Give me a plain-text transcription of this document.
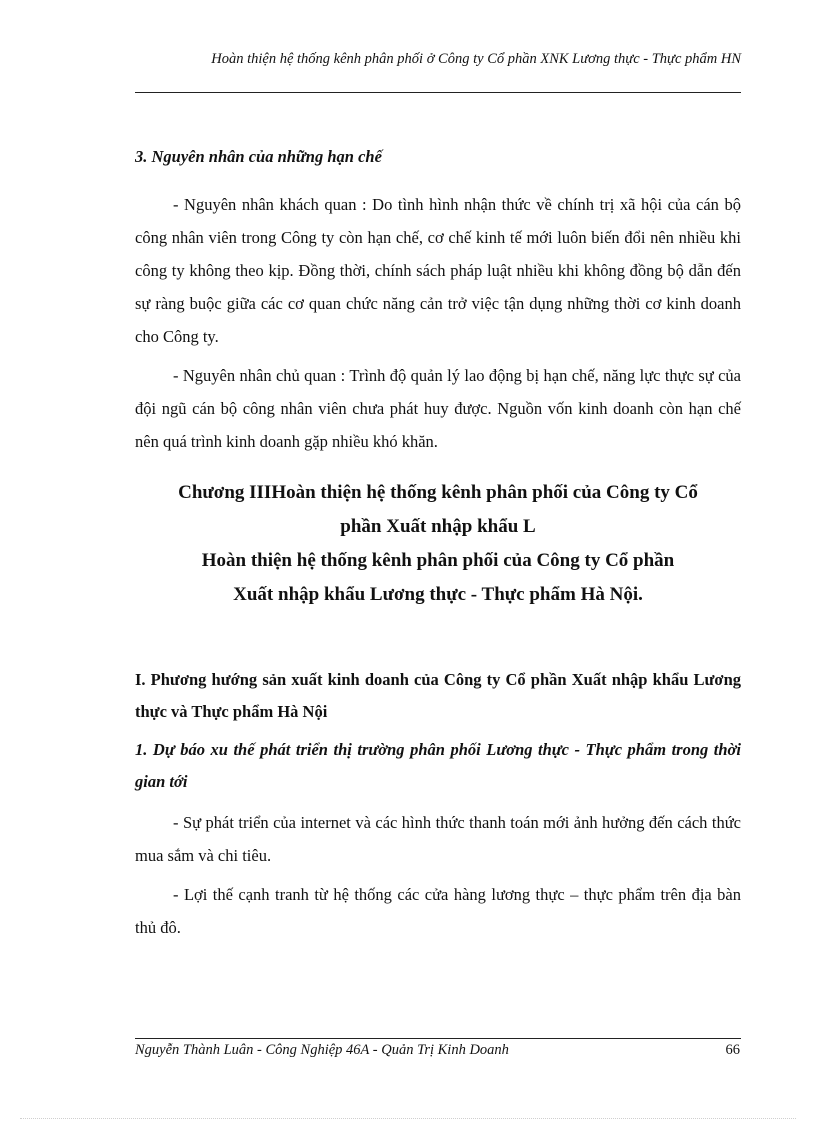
Hoàn thiện hệ thống kênh phân phối ở Công ty Cổ phần XNK Lương thực - Thực phẩm HN

3. Nguyên nhân của những hạn chế

- Nguyên nhân khách quan : Do tình hình nhận thức về chính trị xã hội của cán bộ công nhân viên trong Công ty còn hạn chế, cơ chế kinh tế mới luôn biến đổi nên nhiều khi công ty không theo kịp. Đồng thời, chính sách pháp luật nhiều khi không đồng bộ dẫn đến sự ràng buộc giữa các cơ quan chức năng cản trở việc tận dụng những thời cơ kinh doanh cho Công ty.

- Nguyên nhân chủ quan : Trình độ quản lý lao động bị hạn chế, năng lực thực sự của đội ngũ cán bộ công nhân viên chưa phát huy được. Nguồn vốn kinh doanh còn hạn chế nên quá trình kinh doanh gặp nhiều khó khăn.

Chương IIIHoàn thiện hệ thống kênh phân phối của Công ty Cổ

phần Xuất nhập khẩu L

Hoàn thiện hệ thống kênh phân phối của Công ty Cổ phần

Xuất nhập khẩu Lương thực - Thực phẩm Hà Nội.

I. Phương hướng sản xuất kinh doanh của Công ty Cổ phần Xuất nhập khẩu Lương thực và Thực phẩm Hà Nội

1. Dự báo xu thế phát triển thị trường phân phối Lương thực - Thực phẩm trong thời gian tới

- Sự phát triển của internet và các hình thức thanh toán mới ảnh hưởng đến cách thức mua sắm và chi tiêu.

- Lợi thế cạnh tranh từ hệ thống các cửa hàng lương thực – thực phẩm trên địa bàn thủ đô.

Nguyễn Thành Luân - Công Nghiệp 46A - Quản Trị Kinh Doanh	66
